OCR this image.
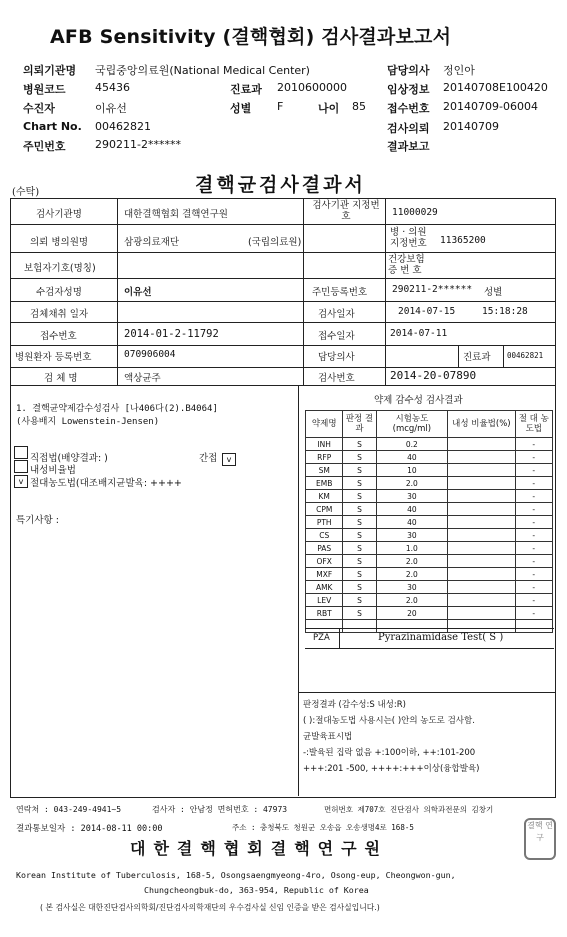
AFB Sensitivity (결핵협회) 검사결과보고서
의뢰기관명 국립중앙의료원(National Medical Center)
병원코드	45436
수진자	이유선
Chart No. 00462821
주민번호	290211-2******
진료과 2010600000
성별 F	나이 85
담당의사 정인아
임상정보 20140708E100420
접수번호 20140709-06004
검사의뢰 20140709
결과보고
(수탁)	결핵균검사결과서
검사기관명	대한결핵협회 결핵연구원
검사기관 지정번호	11000029
의뢰 병의원명	삼광의료재단	(국립의료원)
병 · 의원 지정번호	11365200
보험자기호(명칭)
건강보험 증 번 호
수검자성명	이유선	주민등록번호	290211-2****** 성별
검체채취 일자	검사일자	2014-07-15	15:18:28
접수번호	2014-01-2-11792	접수일자	2014-07-11
병원환자 등록번호	070906004	담당의사	진료과 00462821
검 체 명	액상균주	검사번호	2014-20-07890
1. 결핵균약제감수성검사 [나406다(2).B4064]
(사용배지 Lowenstein-Jensen)
직접법(배양결과: )	간접	v
내성비율법
v 절대농도법(대조배지균발육: ++++
특기사항 :
약제 감수성 검사결과
약제명	판정 결과	시험농도 (mcg/ml)	내성 비율법(%)	절 대 농도법
INH	S	0.2		-
RFP	S	40		-
SM	S	10		-
EMB	S	2.0		-
KM	S	30		-
CPM	S	40		-
PTH	S	40		-
CS	S	30		-
PAS	S	1.0		-
OFX	S	2.0		-
MXF	S	2.0		-
AMK	S	30		-
LEV	S	2.0		-
RBT	S	20		-

PZA	Pyrazinamidase Test( S )
판정결과 (감수성:S 내성:R)
( ):절대농도법 사용시는( )안의 농도로 검사함.
균발육표시법
-:발육된 집락 없음 +:100이하, ++:101-200
+++:201 -500, ++++:+++이상(융합발육)
연락처 : 043-249-4941~5	검사자 : 안남정 면허번호 : 47973	면허번호 제707호 진단검사 의학과전문의 김창기
결과통보일자 : 2014-08-11 00:00	주소 : 충청북도 청원군 오송읍 오송생명4로 168-5
대한결핵협회결핵연구원
Korean Institute of Tuberculosis, 168-5, Osongsaengmyeong-4ro, Osong-eup, Cheongwon-gun,
Chungcheongbuk-do, 363-954, Republic of Korea
( 본 검사실은 대한진단검사의학회/진단검사의학재단의 우수검사실 신임 인증을 받은 검사실입니다.)
결핵 연구
